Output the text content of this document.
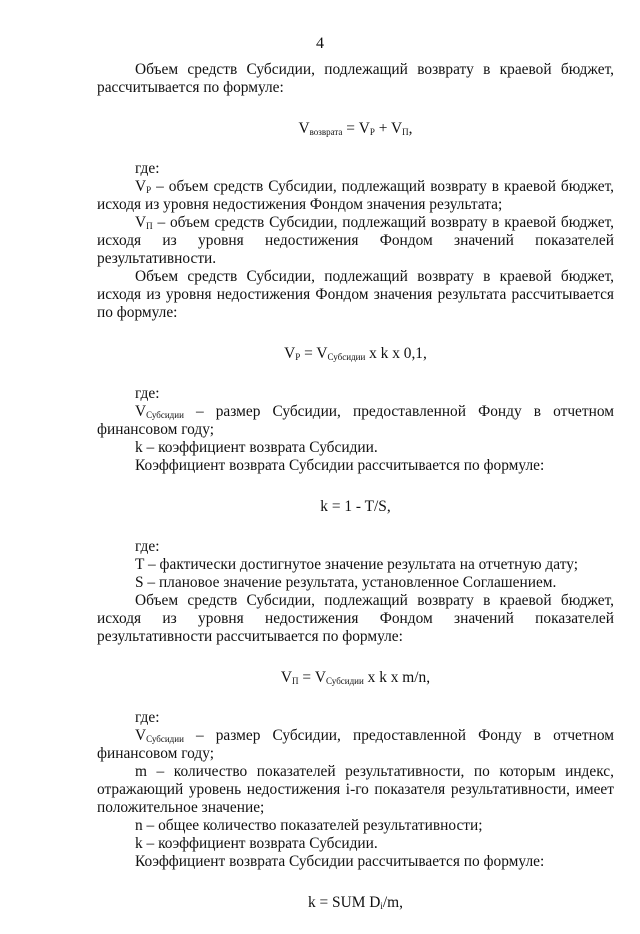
4

Объем средств Субсидии, подлежащий возврату в краевой бюджет, рассчитывается по формуле:

$V_{возврата} = V_P + V_П$,

где:

$V_P$ – объем средств Субсидии, подлежащий возврату в краевой бюджет, исходя из уровня недостижения Фондом значения результата;

$V_П$ – объем средств Субсидии, подлежащий возврату в краевой бюджет, исходя из уровня недостижения Фондом значений показателей результативности.

Объем средств Субсидии, подлежащий возврату в краевой бюджет, исходя из уровня недостижения Фондом значения результата рассчитывается по формуле:

$V_P = V_{Субсидии}$ x k x 0,1,

где:

$V_{Субсидии}$ – размер Субсидии, предоставленной Фонду в отчетном финансовом году;

k – коэффициент возврата Субсидии.

Коэффициент возврата Субсидии рассчитывается по формуле:

k = 1 - T/S,

где:

T – фактически достигнутое значение результата на отчетную дату;

S – плановое значение результата, установленное Соглашением.

Объем средств Субсидии, подлежащий возврату в краевой бюджет, исходя из уровня недостижения Фондом значений показателей результативности рассчитывается по формуле:

$V_П = V_{Субсидии}$ x k x m/n,

где:

$V_{Субсидии}$ – размер Субсидии, предоставленной Фонду в отчетном финансовом году;

m – количество показателей результативности, по которым индекс, отражающий уровень недостижения i-го показателя результативности, имеет положительное значение;

n – общее количество показателей результативности;

k – коэффициент возврата Субсидии.

Коэффициент возврата Субсидии рассчитывается по формуле:

k = SUM $D_i/m$,
